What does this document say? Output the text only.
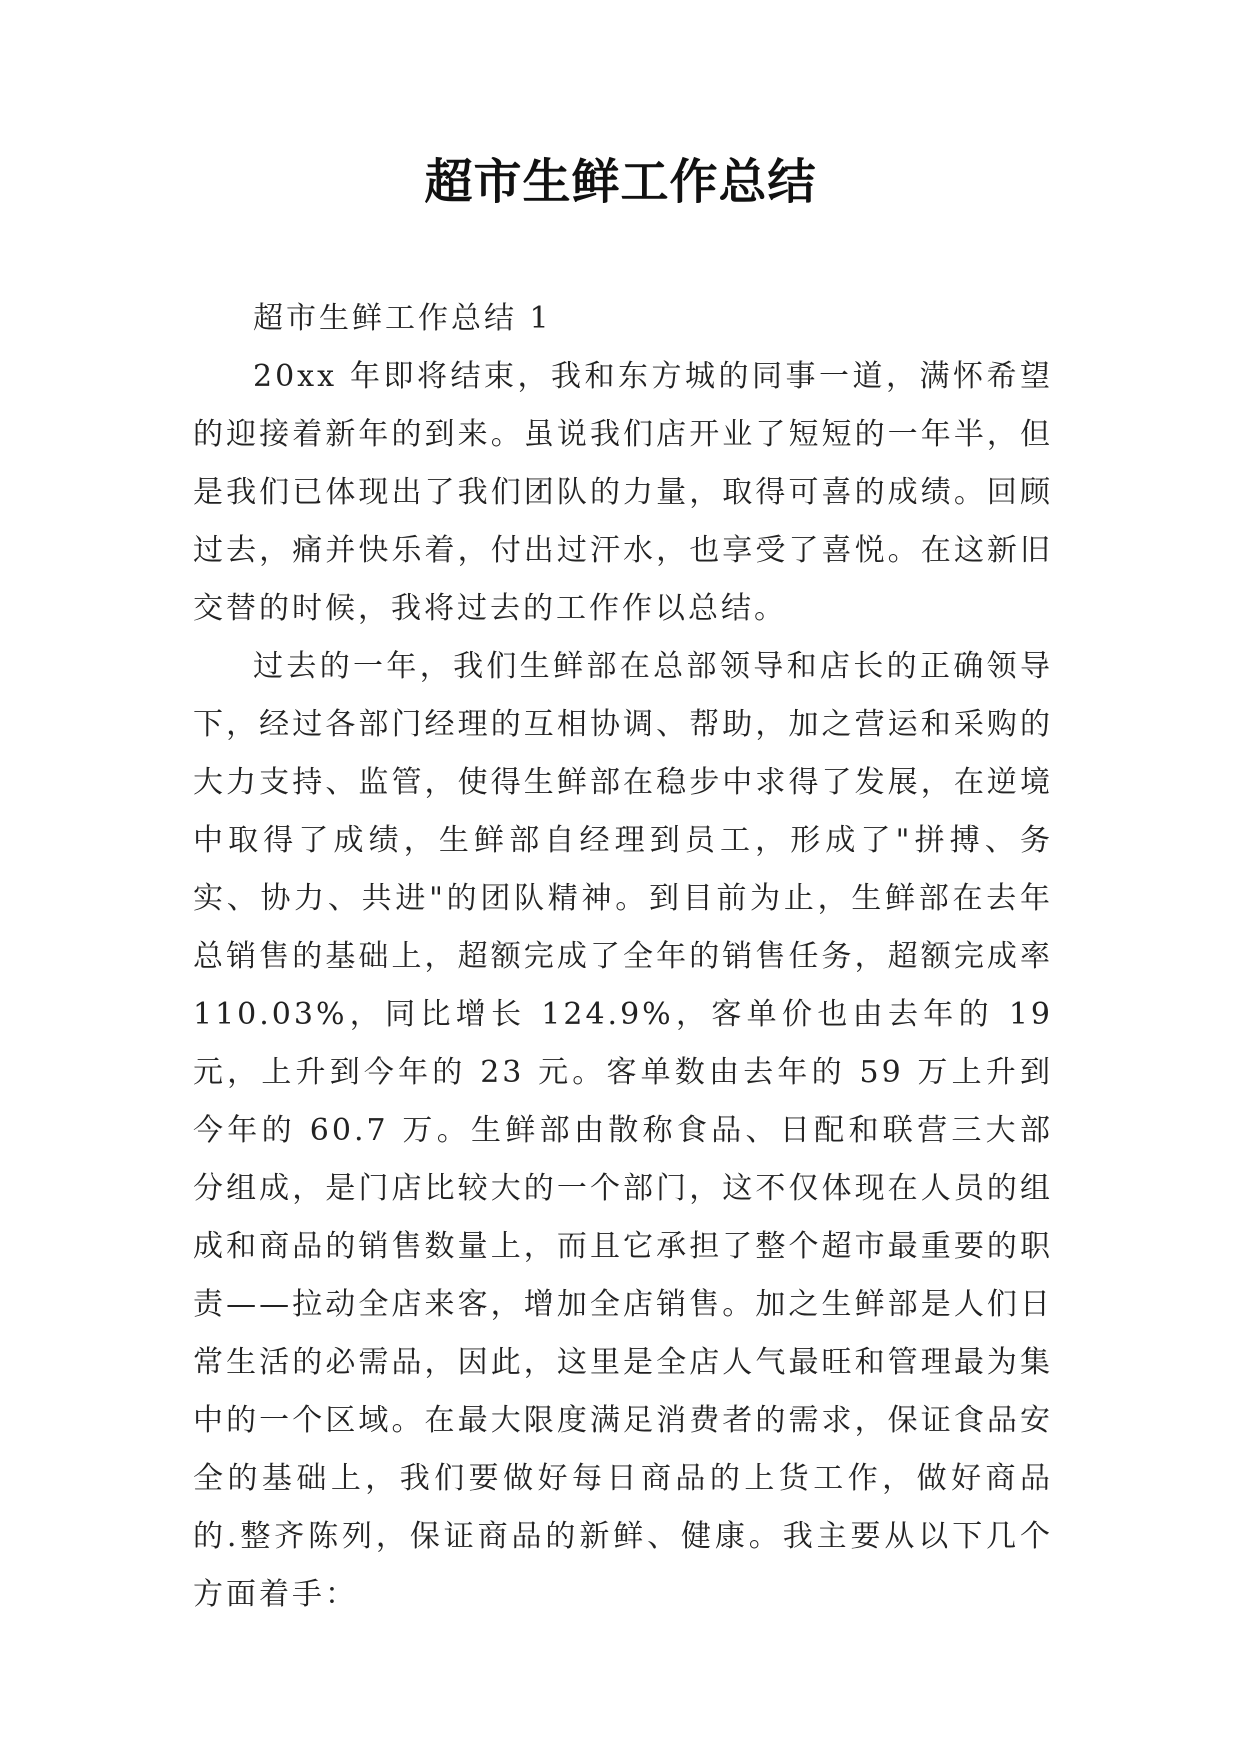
超市生鲜工作总结

超市生鲜工作总结 1

20xx 年即将结束，我和东方城的同事一道，满怀希望的迎接着新年的到来。虽说我们店开业了短短的一年半，但是我们已体现出了我们团队的力量，取得可喜的成绩。回顾过去，痛并快乐着，付出过汗水，也享受了喜悦。在这新旧交替的时候，我将过去的工作作以总结。

过去的一年，我们生鲜部在总部领导和店长的正确领导下，经过各部门经理的互相协调、帮助，加之营运和采购的大力支持、监管，使得生鲜部在稳步中求得了发展，在逆境中取得了成绩，生鲜部自经理到员工，形成了"拼搏、务实、协力、共进"的团队精神。到目前为止，生鲜部在去年总销售的基础上，超额完成了全年的销售任务，超额完成率 110.03%，同比增长 124.9%，客单价也由去年的 19 元，上升到今年的 23 元。客单数由去年的 59 万上升到今年的 60.7 万。生鲜部由散称食品、日配和联营三大部分组成，是门店比较大的一个部门，这不仅体现在人员的组成和商品的销售数量上，而且它承担了整个超市最重要的职责——拉动全店来客，增加全店销售。加之生鲜部是人们日常生活的必需品，因此，这里是全店人气最旺和管理最为集中的一个区域。在最大限度满足消费者的需求，保证食品安全的基础上，我们要做好每日商品的上货工作，做好商品的.整齐陈列，保证商品的新鲜、健康。我主要从以下几个方面着手：
